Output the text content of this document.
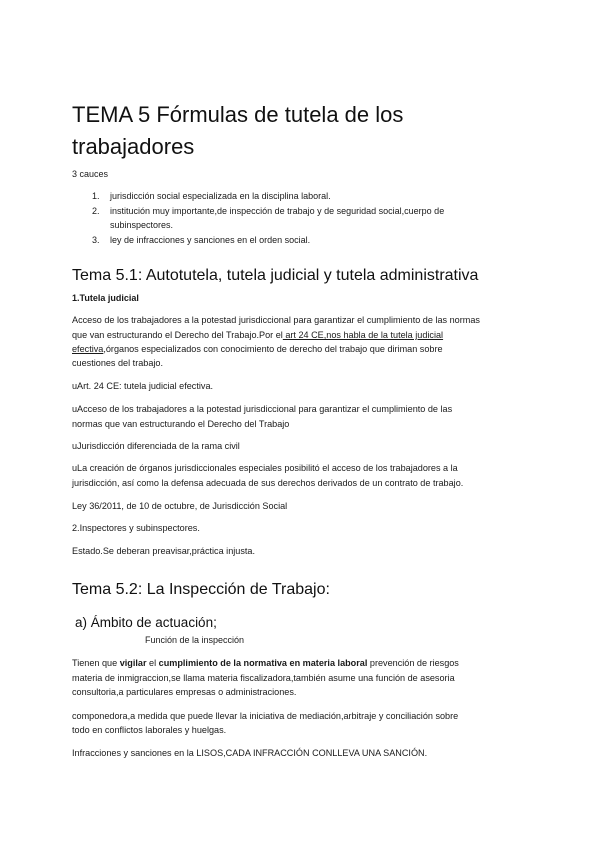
TEMA 5 Fórmulas de tutela de los
trabajadores
3 cauces
1. jurisdicción social especializada en la disciplina laboral.
2. institución muy importante,de inspección de trabajo y de seguridad social,cuerpo de
subinspectores.
3. ley de infracciones y sanciones en el orden social.
Tema 5.1: Autotutela, tutela judicial y tutela administrativa
1.Tutela judicial
Acceso de los trabajadores a la potestad jurisdiccional para garantizar el cumplimiento de las normas
que van estructurando el Derecho del Trabajo.Por el art 24 CE,nos habla de la tutela judicial
efectiva,órganos especializados con conocimiento de derecho del trabajo que diriman sobre
cuestiones del trabajo.
uArt. 24 CE: tutela judicial efectiva.
uAcceso de los trabajadores a la potestad jurisdiccional para garantizar el cumplimiento de las
normas que van estructurando el Derecho del Trabajo
uJurisdicción diferenciada de la rama civil
uLa creación de órganos jurisdiccionales especiales posibilitó el acceso de los trabajadores a la
jurisdicción, así como la defensa adecuada de sus derechos derivados de un contrato de trabajo.
Ley 36/2011, de 10 de octubre, de Jurisdicción Social
2.Inspectores y subinspectores.
Estado.Se deberan preavisar,práctica injusta.
Tema 5.2: La Inspección de Trabajo:
a) Ámbito de actuación;
Función de la inspección
Tienen que vigilar el cumplimiento de la normativa en materia laboral prevención de riesgos
materia de inmigraccion,se llama materia fiscalizadora,también asume una función de asesoria
consultoria,a particulares empresas o administraciones.
componedora,a medida que puede llevar la iniciativa de mediación,arbitraje y conciliación sobre
todo en conflictos laborales y huelgas.
Infracciones y sanciones en la LISOS,CADA INFRACCIÓN CONLLEVA UNA SANCIÓN.
